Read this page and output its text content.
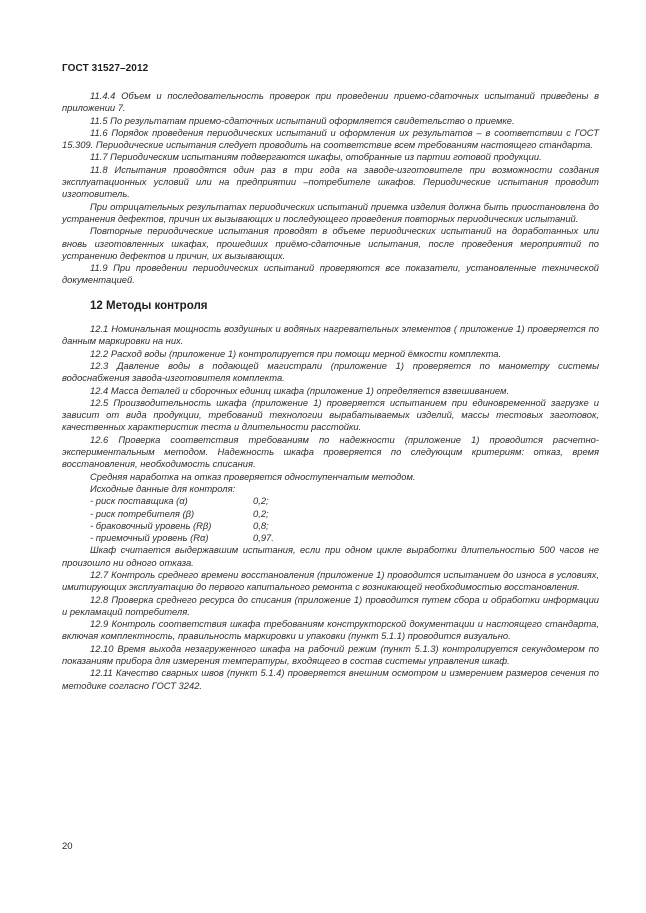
ГОСТ 31527–2012

11.4.4 Объем и последовательность проверок при проведении приемо-сдаточных испытаний приведены в приложении 7.

11.5 По результатам приемо-сдаточных испытаний оформляется свидетельство о приемке.

11.6 Порядок проведения периодических испытаний и оформления их результатов – в соответствии с ГОСТ 15.309. Периодические испытания следует проводить на соответствие всем требованиям настоящего стандарта.

11.7 Периодическим испытаниям подвергаются шкафы, отобранные из партии готовой продукции.

11.8 Испытания проводятся один раз в три года на заводе-изготовителе при возможности создания эксплуатационных условий или на предприятии –потребителе шкафов. Периодические испытания проводит изготовитель.

При отрицательных результатах периодических испытаний приемка изделия должна быть приостановлена до устранения дефектов, причин их вызывающих и последующего проведения повторных периодических испытаний.

Повторные периодические испытания проводят в объеме периодических испытаний на доработанных или вновь изготовленных шкафах, прошедших приёмо-сдаточные испытания, после проведения мероприятий по устранению дефектов и причин, их вызывающих.

11.9 При проведении периодических испытаний проверяются все показатели, установленные технической документацией.

12 Методы контроля

12.1 Номинальная мощность воздушных и водяных нагревательных элементов ( приложение 1) проверяется по данным маркировки на них.

12.2 Расход воды (приложение 1) контролируется при помощи мерной ёмкости комплекта.

12.3 Давление воды в подающей магистрали (приложение 1) проверяется по манометру системы водоснабжения завода-изготовителя комплекта.

12.4 Масса деталей и сборочных единиц шкафа (приложение 1) определяется взвешиванием.

12.5 Производительность шкафа (приложение 1) проверяется испытанием при единовременной загрузке и зависит от вида продукции, требований технологии вырабатываемых изделий, массы тестовых заготовок, качественных характеристик теста и длительности расстойки.

12.6 Проверка соответствия требованиям по надежности (приложение 1) проводится расчетно-экспериментальным методом. Надежность шкафа проверяется по следующим критериям: отказ, время восстановления, необходимость списания.

Средняя наработка на отказ проверяется одноступенчатым методом.

Исходные данные для контроля:

- риск поставщика (α)	0,2;
- риск потребителя (β)	0,2;
- браковочный уровень (Rβ)	0,8;
- приемочный уровень (Rα)	0,97.

Шкаф считается выдержавшим испытания, если при одном цикле выработки длительностью 500 часов не произошло ни одного отказа.

12.7 Контроль среднего времени восстановления (приложение 1) проводится испытанием до износа в условиях, имитирующих эксплуатацию до первого капитального ремонта с возникающей необходимостью восстановления.

12.8 Проверка среднего ресурса до списания (приложение 1) проводится путем сбора и обработки информации и рекламаций потребителя.

12.9 Контроль соответствия шкафа требованиям конструкторской документации и настоящего стандарта, включая комплектность, правильность маркировки и упаковки (пункт 5.1.1) проводится визуально.

12.10 Время выхода незагруженного шкафа на рабочий режим (пункт 5.1.3) контролируется секундомером по показаниям прибора для измерения температуры, входящего в состав системы управления шкаф.

12.11 Качество сварных швов (пункт 5.1.4) проверяется внешним осмотром и измерением размеров сечения по методике согласно ГОСТ 3242.

20
